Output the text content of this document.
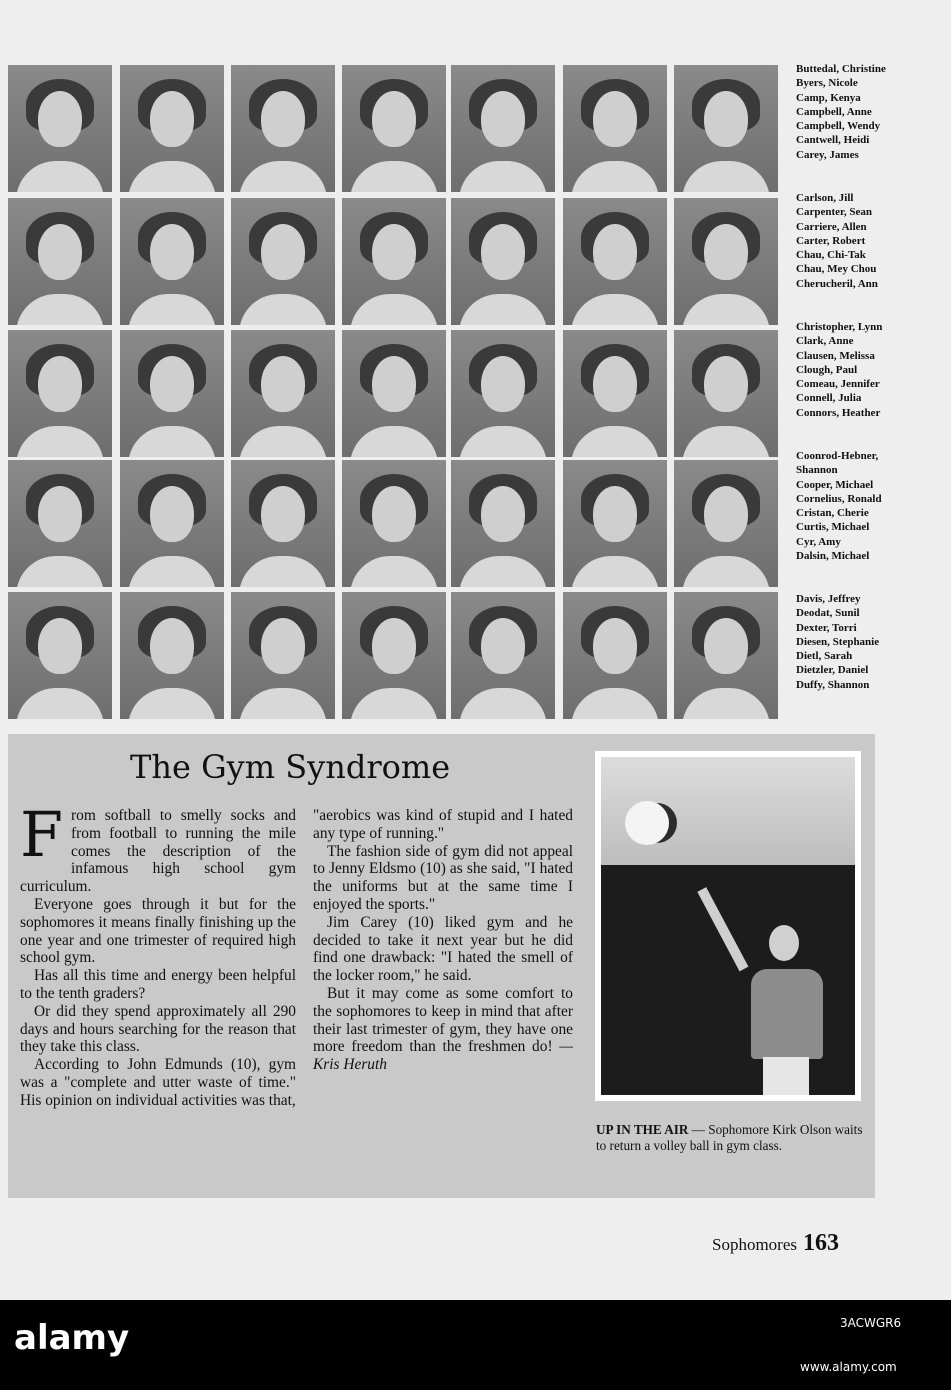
Buttedal, Christine
Byers, Nicole
Camp, Kenya
Campbell, Anne
Campbell, Wendy
Cantwell, Heidi
Carey, James
Carlson, Jill
Carpenter, Sean
Carriere, Allen
Carter, Robert
Chau, Chi-Tak
Chau, Mey Chou
Cherucheril, Ann
Christopher, Lynn
Clark, Anne
Clausen, Melissa
Clough, Paul
Comeau, Jennifer
Connell, Julia
Connors, Heather
Coonrod-Hebner,
Shannon
Cooper, Michael
Cornelius, Ronald
Cristan, Cherie
Curtis, Michael
Cyr, Amy
Dalsin, Michael
Davis, Jeffrey
Deodat, Sunil
Dexter, Torri
Diesen, Stephanie
Dietl, Sarah
Dietzler, Daniel
Duffy, Shannon
The Gym Syndrome

From softball to smelly socks and from football to running the mile comes the description of the infamous high school gym curriculum.

Everyone goes through it but for the sophomores it means finally finishing up the one year and one trimester of required high school gym.

Has all this time and energy been helpful to the tenth graders?

Or did they spend approximately all 290 days and hours searching for the reason that they take this class.

According to John Edmunds (10), gym was a "complete and utter waste of time." His opinion on individual activities was that,

"aerobics was kind of stupid and I hated any type of running."

The fashion side of gym did not appeal to Jenny Eldsmo (10) as she said, "I hated the uniforms but at the same time I enjoyed the sports."

Jim Carey (10) liked gym and he decided to take it next year but he did find one drawback: "I hated the smell of the locker room," he said.

But it may come as some comfort to the sophomores to keep in mind that after their last trimester of gym, they have one more freedom than the freshmen do! — Kris Heruth

UP IN THE AIR — Sophomore Kirk Olson waits to return a volley ball in gym class.
Sophomores 163
alamy	3ACWGR6
www.alamy.com
